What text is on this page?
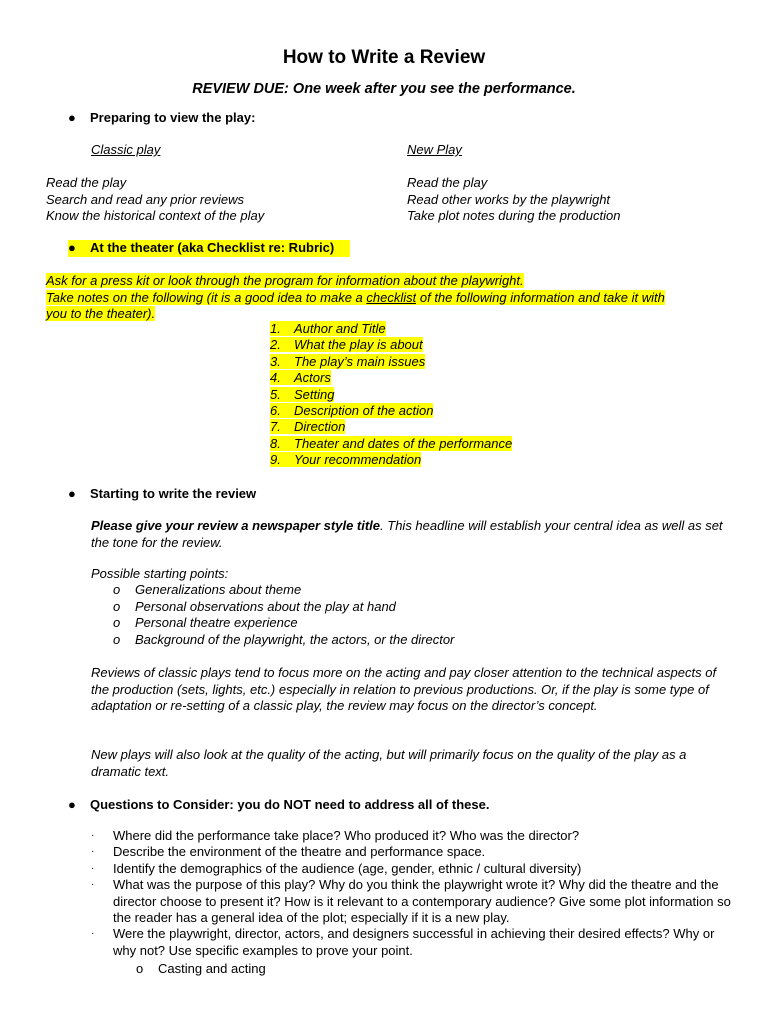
How to Write a Review
REVIEW DUE: One week after you see the performance.
● Preparing to view the play:
Classic play	New Play
Read the play
Search and read any prior reviews
Know the historical context of the play
Read the play
Read other works by the playwright
Take plot notes during the production
● At the theater (aka Checklist re: Rubric)
Ask for a press kit or look through the program for information about the playwright.
Take notes on the following (it is a good idea to make a checklist of the following information and take it with
you to the theater).
1. Author and Title
2. What the play is about
3. The play’s main issues
4. Actors
5. Setting
6. Description of the action
7. Direction
8. Theater and dates of the performance
9. Your recommendation
● Starting to write the review
Please give your review a newspaper style title. This headline will establish your central idea as well as set the tone for the review.
Possible starting points:
o Generalizations about theme
o Personal observations about the play at hand
o Personal theatre experience
o Background of the playwright, the actors, or the director
Reviews of classic plays tend to focus more on the acting and pay closer attention to the technical aspects of the production (sets, lights, etc.) especially in relation to previous productions. Or, if the play is some type of adaptation or re-setting of a classic play, the review may focus on the director’s concept.
New plays will also look at the quality of the acting, but will primarily focus on the quality of the play as a dramatic text.
● Questions to Consider: you do NOT need to address all of these.
· Where did the performance take place? Who produced it? Who was the director?
· Describe the environment of the theatre and performance space.
· Identify the demographics of the audience (age, gender, ethnic / cultural diversity)
· What was the purpose of this play? Why do you think the playwright wrote it? Why did the theatre and the director choose to present it? How is it relevant to a contemporary audience? Give some plot information so the reader has a general idea of the plot; especially if it is a new play.
· Were the playwright, director, actors, and designers successful in achieving their desired effects? Why or why not? Use specific examples to prove your point.
o Casting and acting
